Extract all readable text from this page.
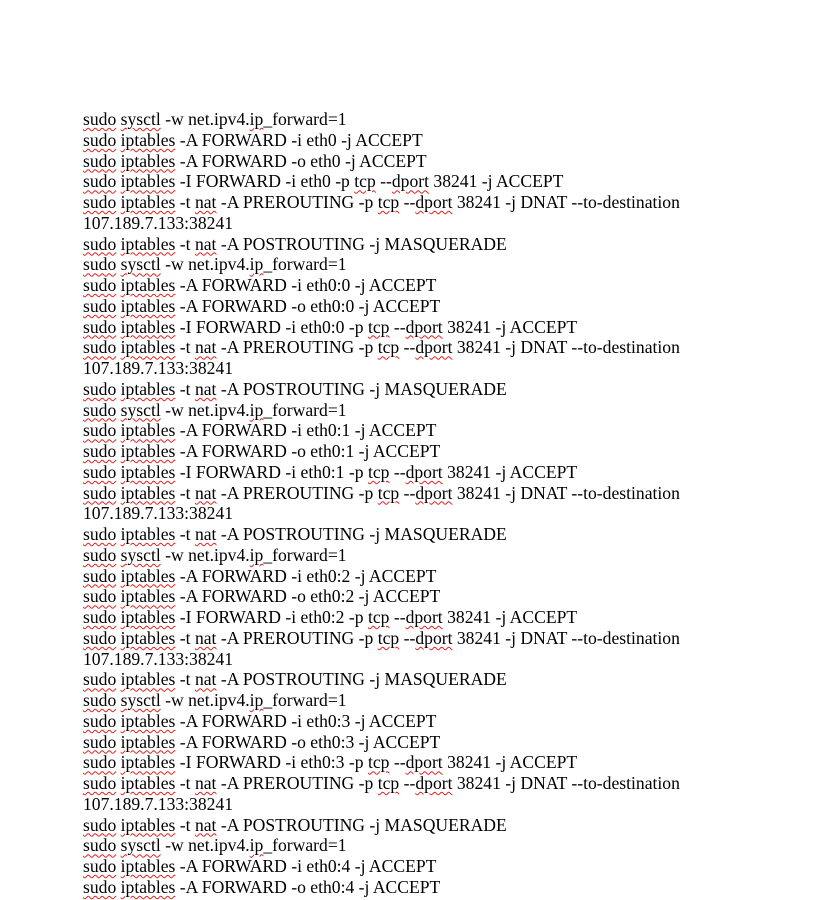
sudo sysctl -w net.ipv4.ip_forward=1
sudo iptables -A FORWARD -i eth0 -j ACCEPT
sudo iptables -A FORWARD -o eth0 -j ACCEPT
sudo iptables -I FORWARD -i eth0 -p tcp --dport 38241 -j ACCEPT
sudo iptables -t nat -A PREROUTING -p tcp --dport 38241 -j DNAT --to-destination
107.189.7.133:38241
sudo iptables -t nat -A POSTROUTING -j MASQUERADE
sudo sysctl -w net.ipv4.ip_forward=1
sudo iptables -A FORWARD -i eth0:0 -j ACCEPT
sudo iptables -A FORWARD -o eth0:0 -j ACCEPT
sudo iptables -I FORWARD -i eth0:0 -p tcp --dport 38241 -j ACCEPT
sudo iptables -t nat -A PREROUTING -p tcp --dport 38241 -j DNAT --to-destination
107.189.7.133:38241
sudo iptables -t nat -A POSTROUTING -j MASQUERADE
sudo sysctl -w net.ipv4.ip_forward=1
sudo iptables -A FORWARD -i eth0:1 -j ACCEPT
sudo iptables -A FORWARD -o eth0:1 -j ACCEPT
sudo iptables -I FORWARD -i eth0:1 -p tcp --dport 38241 -j ACCEPT
sudo iptables -t nat -A PREROUTING -p tcp --dport 38241 -j DNAT --to-destination
107.189.7.133:38241
sudo iptables -t nat -A POSTROUTING -j MASQUERADE
sudo sysctl -w net.ipv4.ip_forward=1
sudo iptables -A FORWARD -i eth0:2 -j ACCEPT
sudo iptables -A FORWARD -o eth0:2 -j ACCEPT
sudo iptables -I FORWARD -i eth0:2 -p tcp --dport 38241 -j ACCEPT
sudo iptables -t nat -A PREROUTING -p tcp --dport 38241 -j DNAT --to-destination
107.189.7.133:38241
sudo iptables -t nat -A POSTROUTING -j MASQUERADE
sudo sysctl -w net.ipv4.ip_forward=1
sudo iptables -A FORWARD -i eth0:3 -j ACCEPT
sudo iptables -A FORWARD -o eth0:3 -j ACCEPT
sudo iptables -I FORWARD -i eth0:3 -p tcp --dport 38241 -j ACCEPT
sudo iptables -t nat -A PREROUTING -p tcp --dport 38241 -j DNAT --to-destination
107.189.7.133:38241
sudo iptables -t nat -A POSTROUTING -j MASQUERADE
sudo sysctl -w net.ipv4.ip_forward=1
sudo iptables -A FORWARD -i eth0:4 -j ACCEPT
sudo iptables -A FORWARD -o eth0:4 -j ACCEPT
